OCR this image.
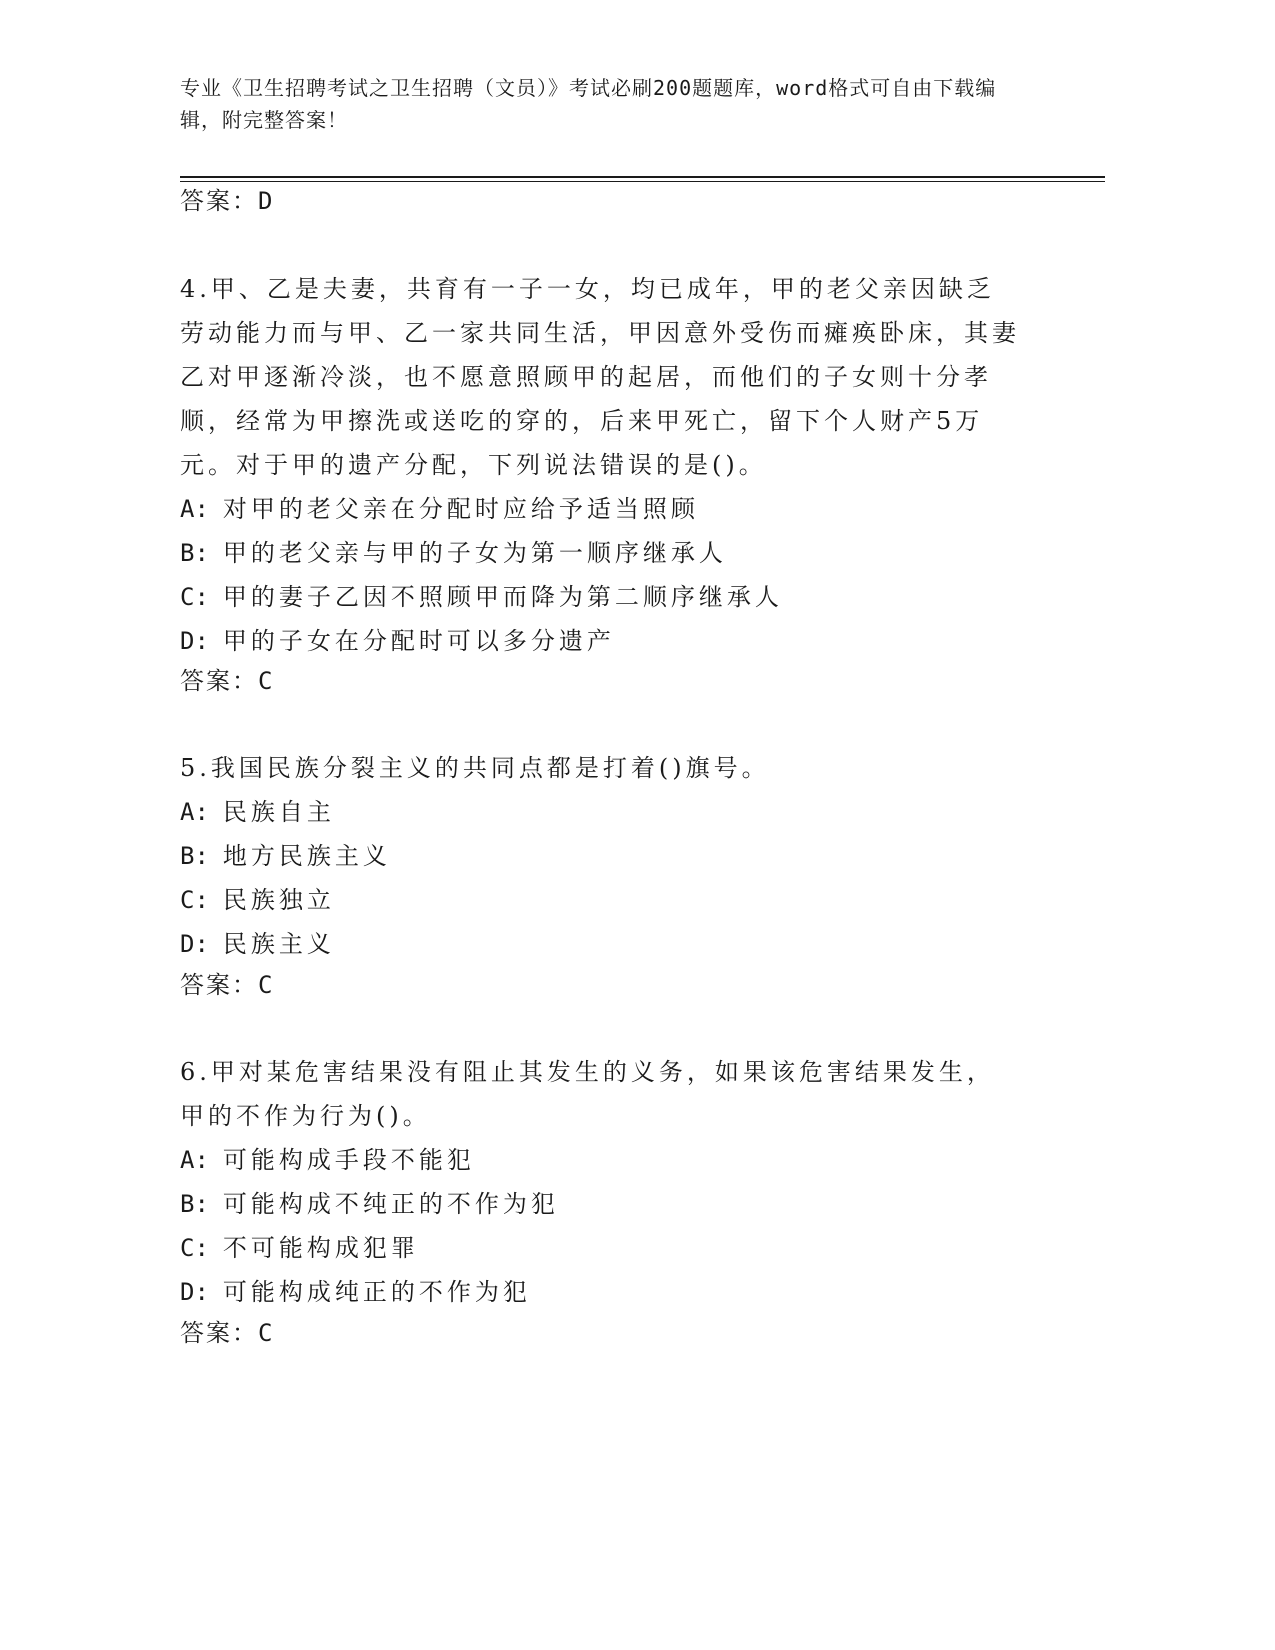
专业《卫生招聘考试之卫生招聘（文员）》考试必刷200题题库，word格式可自由下载编辑，附完整答案！
答案：D
4.甲、乙是夫妻，共育有一子一女，均已成年，甲的老父亲因缺乏劳动能力而与甲、乙一家共同生活，甲因意外受伤而瘫痪卧床，其妻乙对甲逐渐冷淡，也不愿意照顾甲的起居，而他们的子女则十分孝顺，经常为甲擦洗或送吃的穿的，后来甲死亡，留下个人财产5万元。对于甲的遗产分配，下列说法错误的是()。
A: 对甲的老父亲在分配时应给予适当照顾
B: 甲的老父亲与甲的子女为第一顺序继承人
C: 甲的妻子乙因不照顾甲而降为第二顺序继承人
D: 甲的子女在分配时可以多分遗产
答案：C
5.我国民族分裂主义的共同点都是打着()旗号。
A: 民族自主
B: 地方民族主义
C: 民族独立
D: 民族主义
答案：C
6.甲对某危害结果没有阻止其发生的义务，如果该危害结果发生，甲的不作为行为()。
A: 可能构成手段不能犯
B: 可能构成不纯正的不作为犯
C: 不可能构成犯罪
D: 可能构成纯正的不作为犯
答案：C
